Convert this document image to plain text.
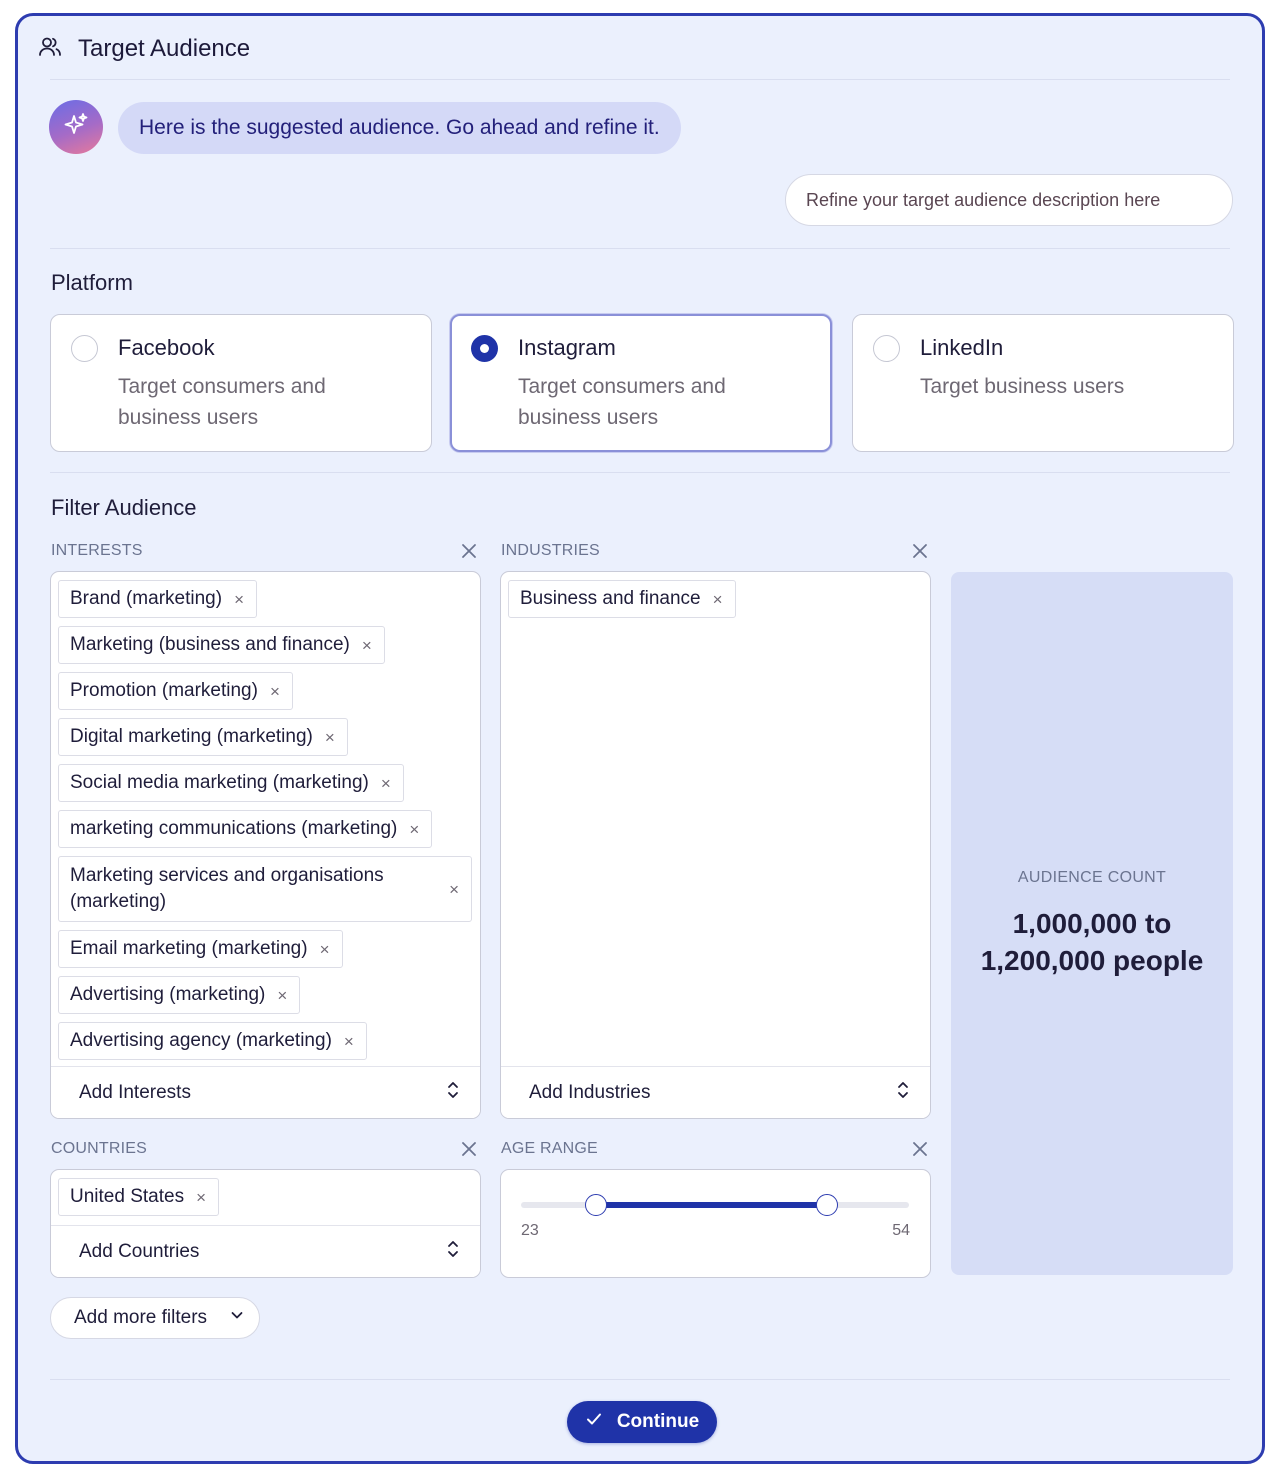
Target Audience
Here is the suggested audience. Go ahead and refine it.
Refine your target audience description here
Platform
Facebook
Target consumers and business users
Instagram
Target consumers and business users
LinkedIn
Target business users
Filter Audience
INTERESTS
Brand (marketing) ×
Marketing (business and finance) ×
Promotion (marketing) ×
Digital marketing (marketing) ×
Social media marketing (marketing) ×
marketing communications (marketing) ×
Marketing services and organisations (marketing)
×
Email marketing (marketing) ×
Advertising (marketing) ×
Advertising agency (marketing) ×
Add Interests
INDUSTRIES
Business and finance ×
Add Industries
AUDIENCE COUNT
1,000,000 to 1,200,000 people
COUNTRIES
United States ×
Add Countries
AGE RANGE
23	54
Add more filters
Continue
